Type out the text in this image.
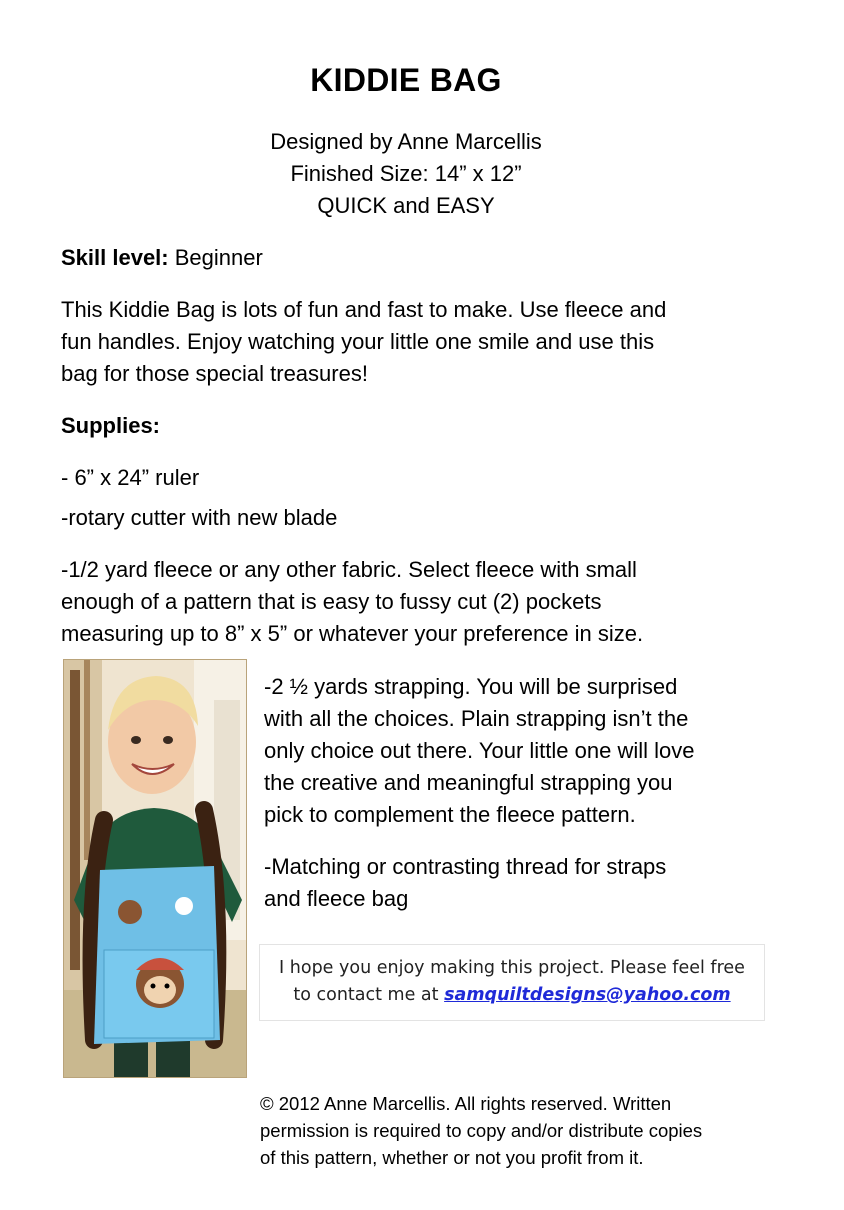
KIDDIE BAG
Designed by Anne Marcellis
Finished Size: 14” x 12”
QUICK and EASY
Skill level: Beginner
This Kiddie Bag is lots of fun and fast to make. Use fleece and
fun handles. Enjoy watching your little one smile and use this
bag for those special treasures!
Supplies:
- 6” x 24” ruler
-rotary cutter with new blade
-1/2 yard fleece or any other fabric. Select fleece with small
enough of a pattern that is easy to fussy cut (2) pockets
measuring up to 8” x 5” or whatever your preference in size.
-2 ½ yards strapping. You will be surprised
with all the choices. Plain strapping isn’t the
only choice out there. Your little one will love
the creative and meaningful strapping you
pick to complement the fleece pattern.
-Matching or contrasting thread for straps
and fleece bag
I hope you enjoy making this project. Please feel free
to contact me at samquiltdesigns@yahoo.com
© 2012 Anne Marcellis. All rights reserved. Written
permission is required to copy and/or distribute copies
of this pattern, whether or not you profit from it.
